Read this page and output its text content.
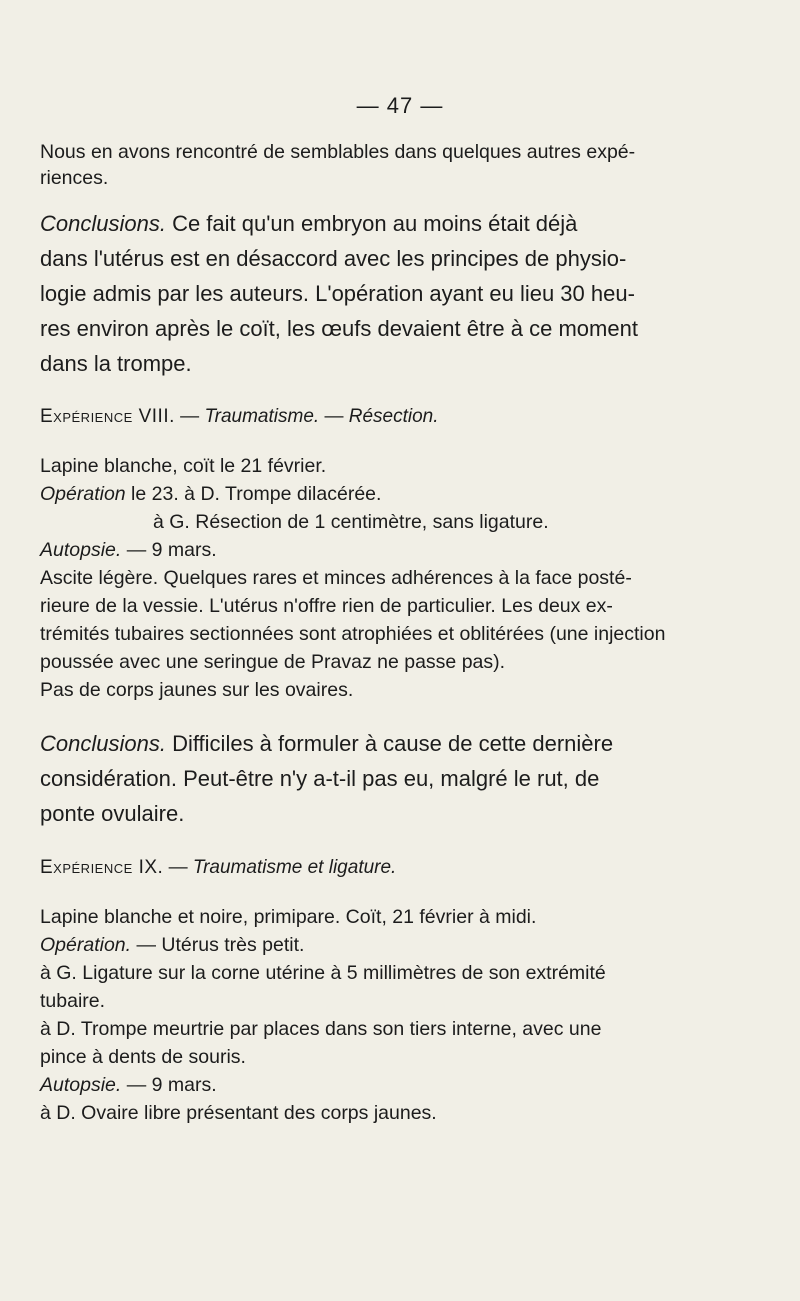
— 47 —
Nous en avons rencontré de semblables dans quelques autres expé-
riences.
Conclusions. Ce fait qu'un embryon au moins était déjà
dans l'utérus est en désaccord avec les principes de physio-
logie admis par les auteurs. L'opération ayant eu lieu 30 heu-
res environ après le coït, les œufs devaient être à ce moment
dans la trompe.
Expérience VIII. — Traumatisme. — Résection.
Lapine blanche, coït le 21 février.
Opération le 23. à D. Trompe dilacérée.
à G. Résection de 1 centimètre, sans ligature.
Autopsie. — 9 mars.
Ascite légère. Quelques rares et minces adhérences à la face posté-
rieure de la vessie. L'utérus n'offre rien de particulier. Les deux ex-
trémités tubaires sectionnées sont atrophiées et oblitérées (une injection
poussée avec une seringue de Pravaz ne passe pas).
Pas de corps jaunes sur les ovaires.
Conclusions. Difficiles à formuler à cause de cette dernière
considération. Peut-être n'y a-t-il pas eu, malgré le rut, de
ponte ovulaire.
Expérience IX. — Traumatisme et ligature.
Lapine blanche et noire, primipare. Coït, 21 février à midi.
Opération. — Utérus très petit.
à G. Ligature sur la corne utérine à 5 millimètres de son extrémité
tubaire.
à D. Trompe meurtrie par places dans son tiers interne, avec une
pince à dents de souris.
Autopsie. — 9 mars.
à D. Ovaire libre présentant des corps jaunes.
